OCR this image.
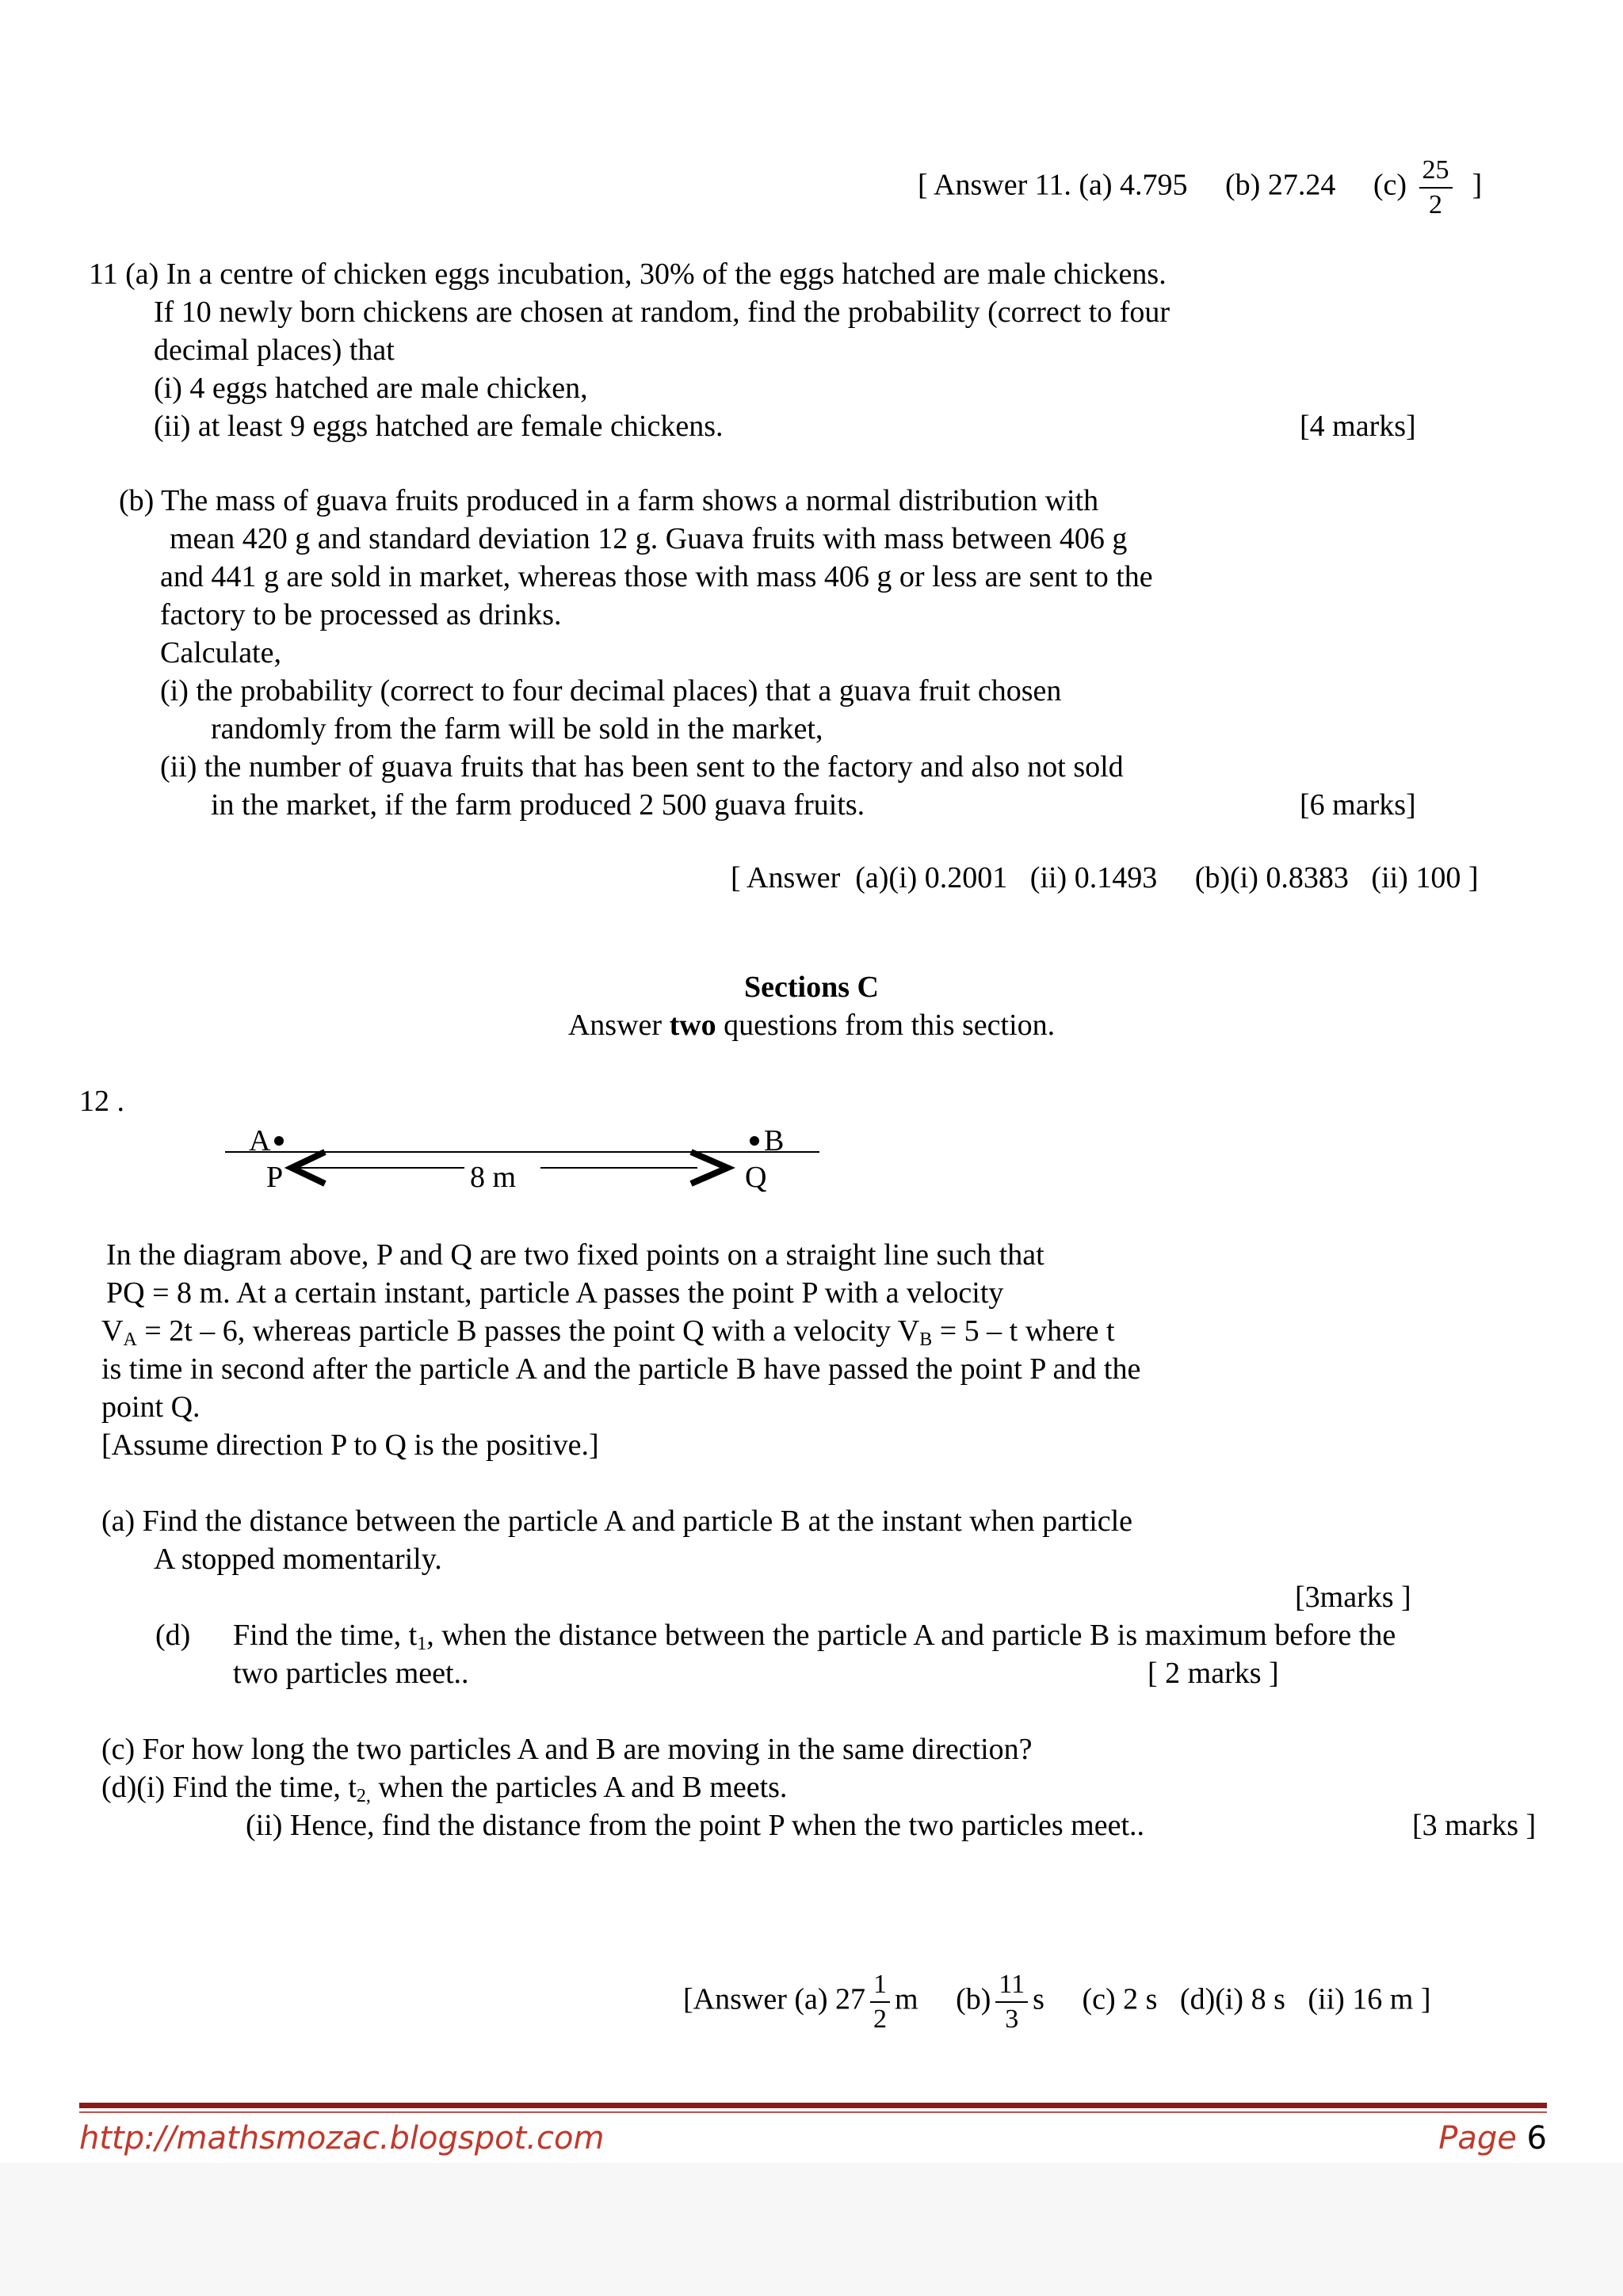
[ Answer 11. (a) 4.795 (b) 27.24 $(c) \frac{25}{2}$ ]
11 (a) In a centre of chicken eggs incubation, 30% of the eggs hatched are male chickens.
If 10 newly born chickens are chosen at random, find the probability (correct to four
decimal places) that
(i) 4 eggs hatched are male chicken,
(ii) at least 9 eggs hatched are female chickens.	[4 marks]
(b) The mass of guava fruits produced in a farm shows a normal distribution with
mean 420 g and standard deviation 12 g. Guava fruits with mass between 406 g
and 441 g are sold in market, whereas those with mass 406 g or less are sent to the
factory to be processed as drinks.
Calculate,
(i) the probability (correct to four decimal places) that a guava fruit chosen
randomly from the farm will be sold in the market,
(ii) the number of guava fruits that has been sent to the factory and also not sold
in the market, if the farm produced 2 500 guava fruits.	[6 marks]
[ Answer  (a)(i) 0.2001   (ii) 0.1493     (b)(i) 0.8383   (ii) 100 ]
Sections C
Answer two questions from this section.
12 .
A	B
P	Q
8 m
In the diagram above, P and Q are two fixed points on a straight line such that
PQ = 8 m. At a certain instant, particle A passes the point P with a velocity
$V_A = 2t - 6$, whereas particle B passes the point Q with a velocity $V_B = 5 - t$ where t
is time in second after the particle A and the particle B have passed the point P and the
point Q.
[Assume direction P to Q is the positive.]
(a) Find the distance between the particle A and particle B at the instant when particle
A stopped momentarily.
[3marks ]
(d) Find the time, $t_1$, when the distance between the particle A and particle B is maximum before the
two particles meet..	[ 2 marks ]
(c) For how long the two particles A and B are moving in the same direction?
(d)(i) Find the time, $t_{2,}$ when the particles A and B meets.
(ii) Hence, find the distance from the point P when the two particles meet..	[3 marks ]
[Answer (a) $27 \frac{1}{2}$ m $(b) \frac{11}{3}$ s (c) 2 s   (d)(i) 8 s   (ii) 16 m ]
http://mathsmozac.blogspot.com	Page 6
